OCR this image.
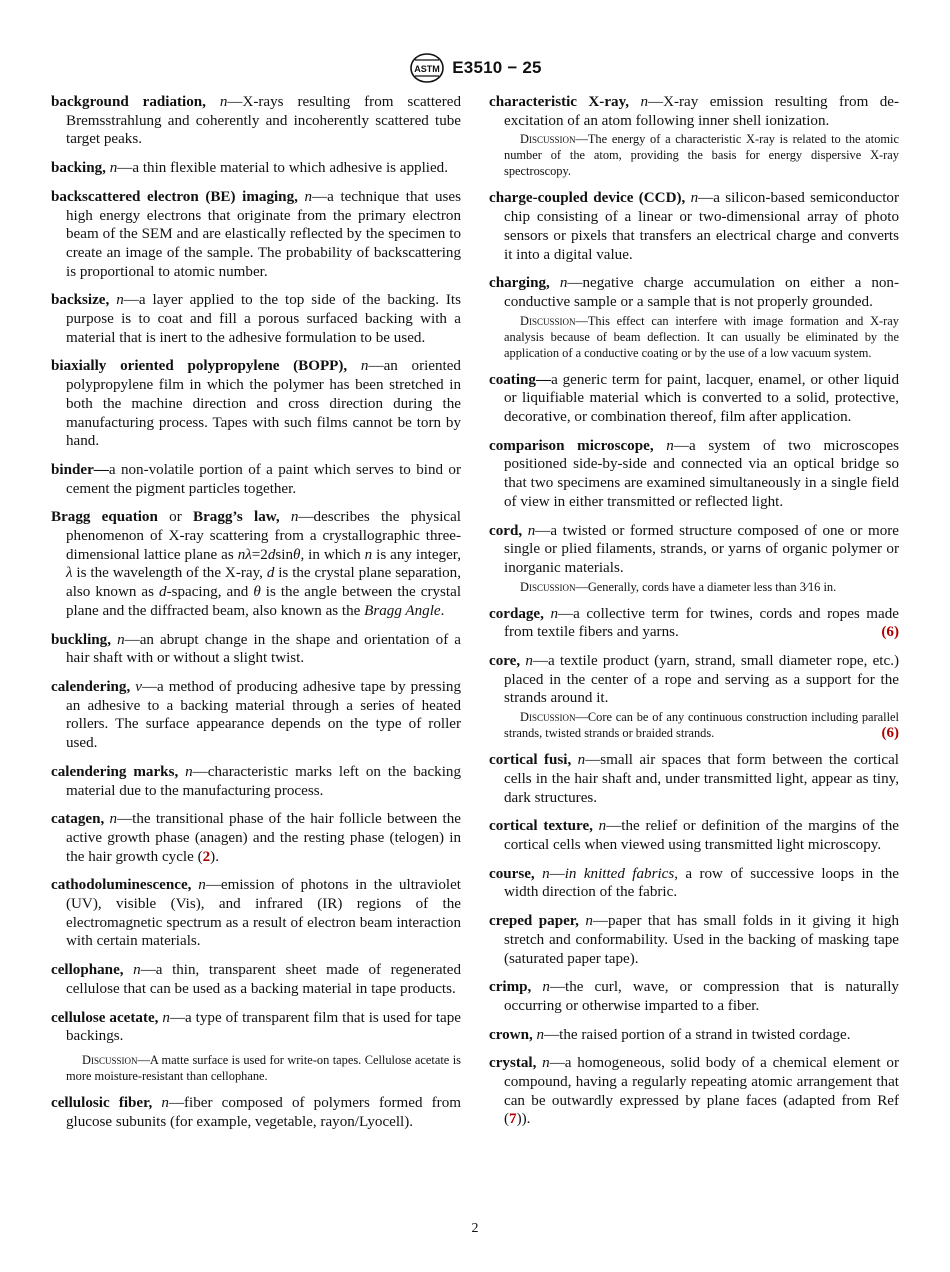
ASTM E3510 − 25

background radiation, n—X-rays resulting from scattered Bremsstrahlung and coherently and incoherently scattered tube target peaks.

backing, n—a thin flexible material to which adhesive is applied.

backscattered electron (BE) imaging, n—a technique that uses high energy electrons that originate from the primary electron beam of the SEM and are elastically reflected by the specimen to create an image of the sample. The probability of backscattering is proportional to atomic number.

backsize, n—a layer applied to the top side of the backing. Its purpose is to coat and fill a porous surfaced backing with a material that is inert to the adhesive formulation to be used.

biaxially oriented polypropylene (BOPP), n—an oriented polypropylene film in which the polymer has been stretched in both the machine direction and cross direction during the manufacturing process. Tapes with such films cannot be torn by hand.

binder—a non-volatile portion of a paint which serves to bind or cement the pigment particles together.

Bragg equation or Bragg’s law, n—describes the physical phenomenon of X-ray scattering from a crystallographic three-dimensional lattice plane as nλ=2dsinθ, in which n is any integer, λ is the wavelength of the X-ray, d is the crystal plane separation, also known as d-spacing, and θ is the angle between the crystal plane and the diffracted beam, also known as the Bragg Angle.

buckling, n—an abrupt change in the shape and orientation of a hair shaft with or without a slight twist.

calendering, v—a method of producing adhesive tape by pressing an adhesive to a backing material through a series of heated rollers. The surface appearance depends on the type of roller used.

calendering marks, n—characteristic marks left on the backing material due to the manufacturing process.

catagen, n—the transitional phase of the hair follicle between the active growth phase (anagen) and the resting phase (telogen) in the hair growth cycle (2).

cathodoluminescence, n—emission of photons in the ultraviolet (UV), visible (Vis), and infrared (IR) regions of the electromagnetic spectrum as a result of electron beam interaction with certain materials.

cellophane, n—a thin, transparent sheet made of regenerated cellulose that can be used as a backing material in tape products.

cellulose acetate, n—a type of transparent film that is used for tape backings.

Discussion—A matte surface is used for write-on tapes. Cellulose acetate is more moisture-resistant than cellophane.

cellulosic fiber, n—fiber composed of polymers formed from glucose subunits (for example, vegetable, rayon/Lyocell).

characteristic X-ray, n—X-ray emission resulting from de-excitation of an atom following inner shell ionization.

Discussion—The energy of a characteristic X-ray is related to the atomic number of the atom, providing the basis for energy dispersive X-ray spectroscopy.

charge-coupled device (CCD), n—a silicon-based semiconductor chip consisting of a linear or two-dimensional array of photo sensors or pixels that transfers an electrical charge and converts it into a digital value.

charging, n—negative charge accumulation on either a non-conductive sample or a sample that is not properly grounded.

Discussion—This effect can interfere with image formation and X-ray analysis because of beam deflection. It can usually be eliminated by the application of a conductive coating or by the use of a low vacuum system.

coating—a generic term for paint, lacquer, enamel, or other liquid or liquifiable material which is converted to a solid, protective, decorative, or combination thereof, film after application.

comparison microscope, n—a system of two microscopes positioned side-by-side and connected via an optical bridge so that two specimens are examined simultaneously in a single field of view in either transmitted or reflected light.

cord, n—a twisted or formed structure composed of one or more single or plied filaments, strands, or yarns of organic polymer or inorganic materials.

Discussion—Generally, cords have a diameter less than 3⁄16 in.

cordage, n—a collective term for twines, cords and ropes made from textile fibers and yarns.	(6)

core, n—a textile product (yarn, strand, small diameter rope, etc.) placed in the center of a rope and serving as a support for the strands around it.

Discussion—Core can be of any continuous construction including parallel strands, twisted strands or braided strands.	(6)

cortical fusi, n—small air spaces that form between the cortical cells in the hair shaft and, under transmitted light, appear as tiny, dark structures.

cortical texture, n—the relief or definition of the margins of the cortical cells when viewed using transmitted light microscopy.

course, n—in knitted fabrics, a row of successive loops in the width direction of the fabric.

creped paper, n—paper that has small folds in it giving it high stretch and conformability. Used in the backing of masking tape (saturated paper tape).

crimp, n—the curl, wave, or compression that is naturally occurring or otherwise imparted to a fiber.

crown, n—the raised portion of a strand in twisted cordage.

crystal, n—a homogeneous, solid body of a chemical element or compound, having a regularly repeating atomic arrangement that can be outwardly expressed by plane faces (adapted from Ref (7)).

2
